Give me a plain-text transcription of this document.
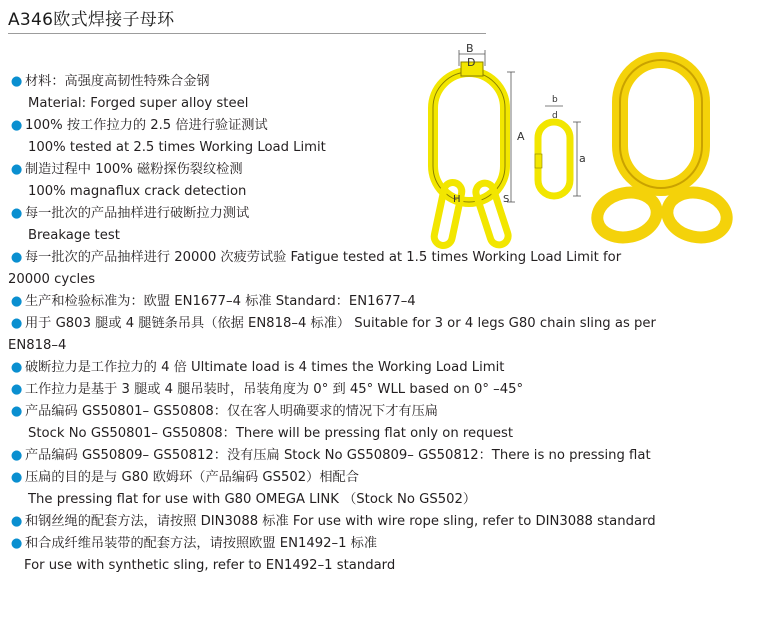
A346欧式焊接子母环
B
D
A
H	S
b
d
a
● 材料：高强度高韧性特殊合金钢
Material: Forged super alloy steel
● 100% 按工作拉力的 2.5 倍进行验证测试
100% tested at 2.5 times Working Load Limit
● 制造过程中 100% 磁粉探伤裂纹检测
100% magnaflux crack detection
● 每一批次的产品抽样进行破断拉力测试
Breakage test
● 每一批次的产品抽样进行 20000 次疲劳试验 Fatigue tested at 1.5 times Working Load Limit for 20000 cycles
● 生产和检验标准为：欧盟 EN1677–4 标准 Standard：EN1677–4
● 用于 G803 腿或 4 腿链条吊具（依据 EN818–4 标准） Suitable for 3 or 4 legs G80 chain sling as per EN818–4
● 破断拉力是工作拉力的 4 倍 Ultimate load is 4 times the Working Load Limit
● 工作拉力是基于 3 腿或 4 腿吊装时，吊装角度为 0° 到 45° WLL based on 0° –45°
● 产品编码 GS50801– GS50808：仅在客人明确要求的情况下才有压扁
Stock No GS50801– GS50808：There will be pressing flat only on request
● 产品编码 GS50809– GS50812：没有压扁 Stock No GS50809– GS50812：There is no pressing flat
● 压扁的目的是与 G80 欧姆环（产品编码 GS502）相配合
The pressing flat for use with G80 OMEGA LINK （Stock No GS502）
● 和钢丝绳的配套方法，请按照 DIN3088 标准 For use with wire rope sling, refer to DIN3088 standard
● 和合成纤维吊装带的配套方法，请按照欧盟 EN1492–1 标准
For use with synthetic sling, refer to EN1492–1 standard
